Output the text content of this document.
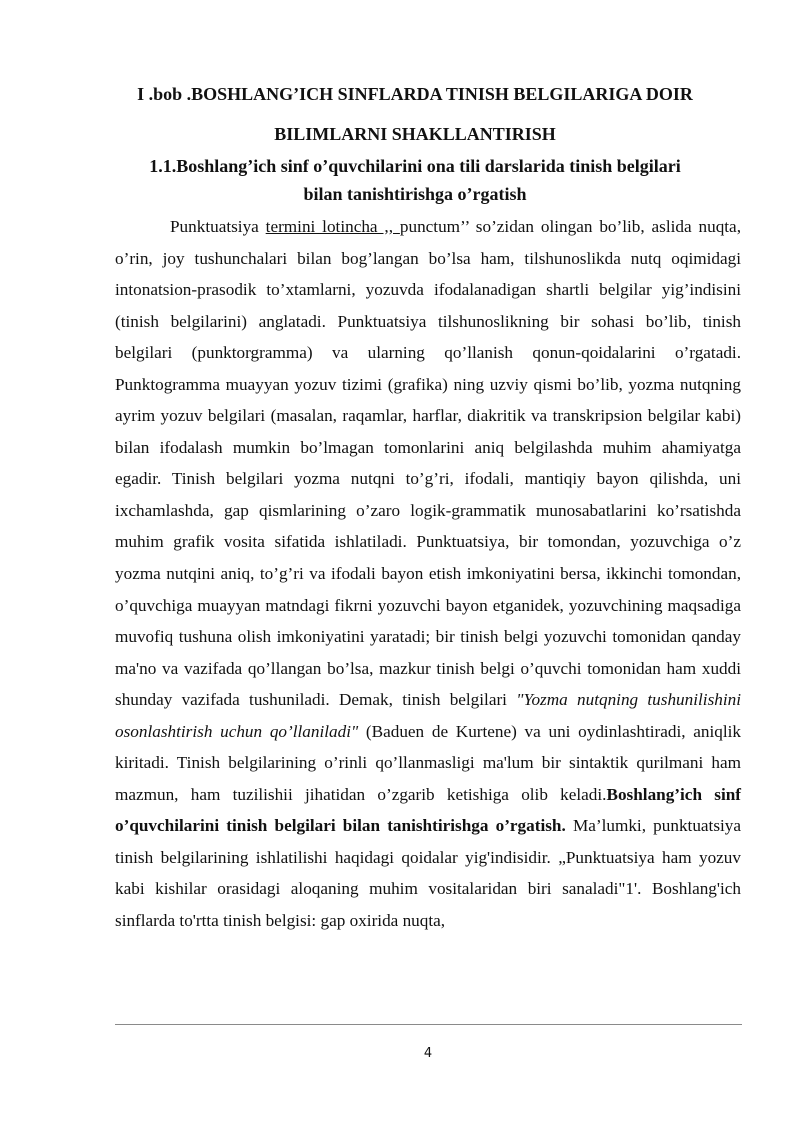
I .bob .BOSHLANG’ICH SINFLARDA TINISH BELGILARIGA DOIR
BILIMLARNI SHAKLLANTIRISH
1.1.Boshlang’ich sinf o’quvchilarini ona tili darslarida tinish belgilari
bilan tanishtirishga o’rgatish
Punktuatsiya termini lotincha ,, punctum’’ so’zidan olingan bo’lib, aslida nuqta, o’rin, joy tushunchalari bilan bog’langan bo’lsa ham, tilshunoslikda nutq oqimidagi intonatsion-prasodik to’xtamlarni, yozuvda ifodalanadigan shartli belgilar yig’indisini (tinish belgilarini) anglatadi. Punktuatsiya tilshunoslikning bir sohasi bo’lib, tinish belgilari (punktorgramma) va ularning qo’llanish qonun-qoidalarini o’rgatadi. Punktogramma muayyan yozuv tizimi (grafika) ning uzviy qismi bo’lib, yozma nutqning ayrim yozuv belgilari (masalan, raqamlar, harflar, diakritik va transkripsion belgilar kabi) bilan ifodalash mumkin bo’lmagan tomonlarini aniq belgilashda muhim ahamiyatga egadir. Tinish belgilari yozma nutqni to’g’ri, ifodali, mantiqiy bayon qilishda, uni ixchamlashda, gap qismlarining o’zaro logik-grammatik munosabatlarini ko’rsatishda muhim grafik vosita sifatida ishlatiladi. Punktuatsiya, bir tomondan, yozuvchiga o’z yozma nutqini aniq, to’g’ri va ifodali bayon etish imkoniyatini bersa, ikkinchi tomondan, o’quvchiga muayyan matndagi fikrni yozuvchi bayon etganidek, yozuvchining maqsadiga muvofiq tushuna olish imkoniyatini yaratadi; bir tinish belgi yozuvchi tomonidan qanday ma'no va vazifada qo’llangan bo’lsa, mazkur tinish belgi o’quvchi tomonidan ham xuddi shunday vazifada tushuniladi. Demak, tinish belgilari "Yozma nutqning tushunilishini osonlashtirish uchun qo’llaniladi" (Baduen de Kurtene) va uni oydinlashtiradi, aniqlik kiritadi. Tinish belgilarining o’rinli qo’llanmasligi ma'lum bir sintaktik qurilmani ham mazmun, ham tuzilishii jihatidan o’zgarib ketishiga olib keladi.Boshlang’ich sinf o’quvchilarini tinish belgilari bilan tanishtirishga o’rgatish. Ma’lumki, punktuatsiya tinish belgilarining ishlatilishi haqidagi qoidalar yig'indisidir. „Punktuatsiya ham yozuv kabi kishilar orasidagi aloqaning muhim vositalaridan biri sanaladi"1'. Boshlang'ich sinflarda to'rtta tinish belgisi: gap oxirida nuqta,
4
